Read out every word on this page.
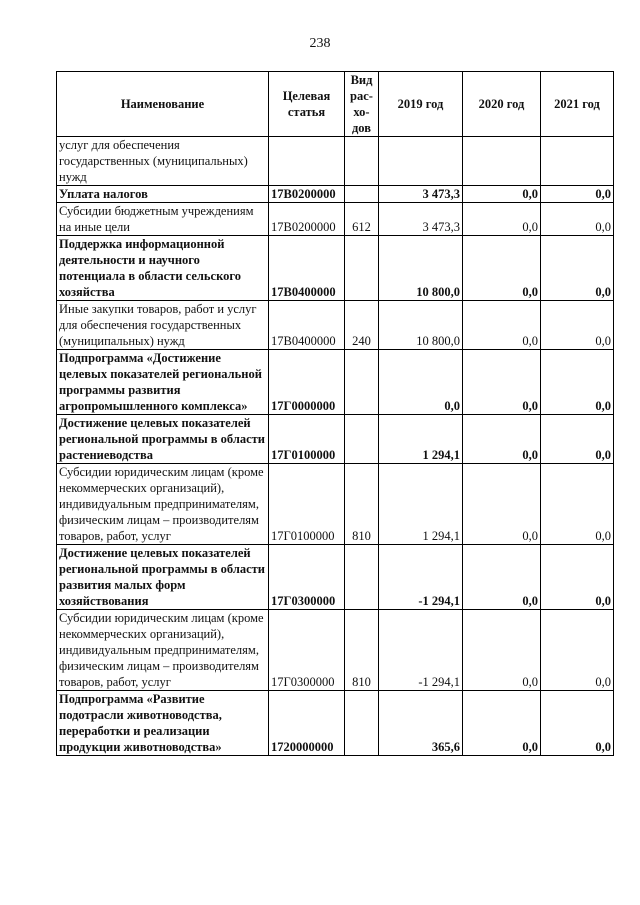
238
Наименование	Целевая статья	Вид рас-хо-дов	2019 год	2020 год	2021 год
услуг для обеспечения государственных (муниципальных) нужд					
Уплата налогов	17В0200000		3 473,3	0,0	0,0
Субсидии бюджетным учреждениям на иные цели	17В0200000	612	3 473,3	0,0	0,0
Поддержка информационной деятельности и научного потенциала в области сельского хозяйства	17В0400000		10 800,0	0,0	0,0
Иные закупки товаров, работ и услуг для обеспечения государственных (муниципальных) нужд	17В0400000	240	10 800,0	0,0	0,0
Подпрограмма «Достижение целевых показателей региональной программы развития агропромышленного комплекса»	17Г0000000		0,0	0,0	0,0
Достижение целевых показателей региональной программы в области растениеводства	17Г0100000		1 294,1	0,0	0,0
Субсидии юридическим лицам (кроме некоммерческих организаций), индивидуальным предпринимателям, физическим лицам – производителям товаров, работ, услуг	17Г0100000	810	1 294,1	0,0	0,0
Достижение целевых показателей региональной программы в области развития малых форм хозяйствования	17Г0300000		-1 294,1	0,0	0,0
Субсидии юридическим лицам (кроме некоммерческих организаций), индивидуальным предпринимателям, физическим лицам – производителям товаров, работ, услуг	17Г0300000	810	-1 294,1	0,0	0,0
Подпрограмма «Развитие подотрасли животноводства, переработки и реализации продукции животноводства»	1720000000		365,6	0,0	0,0
